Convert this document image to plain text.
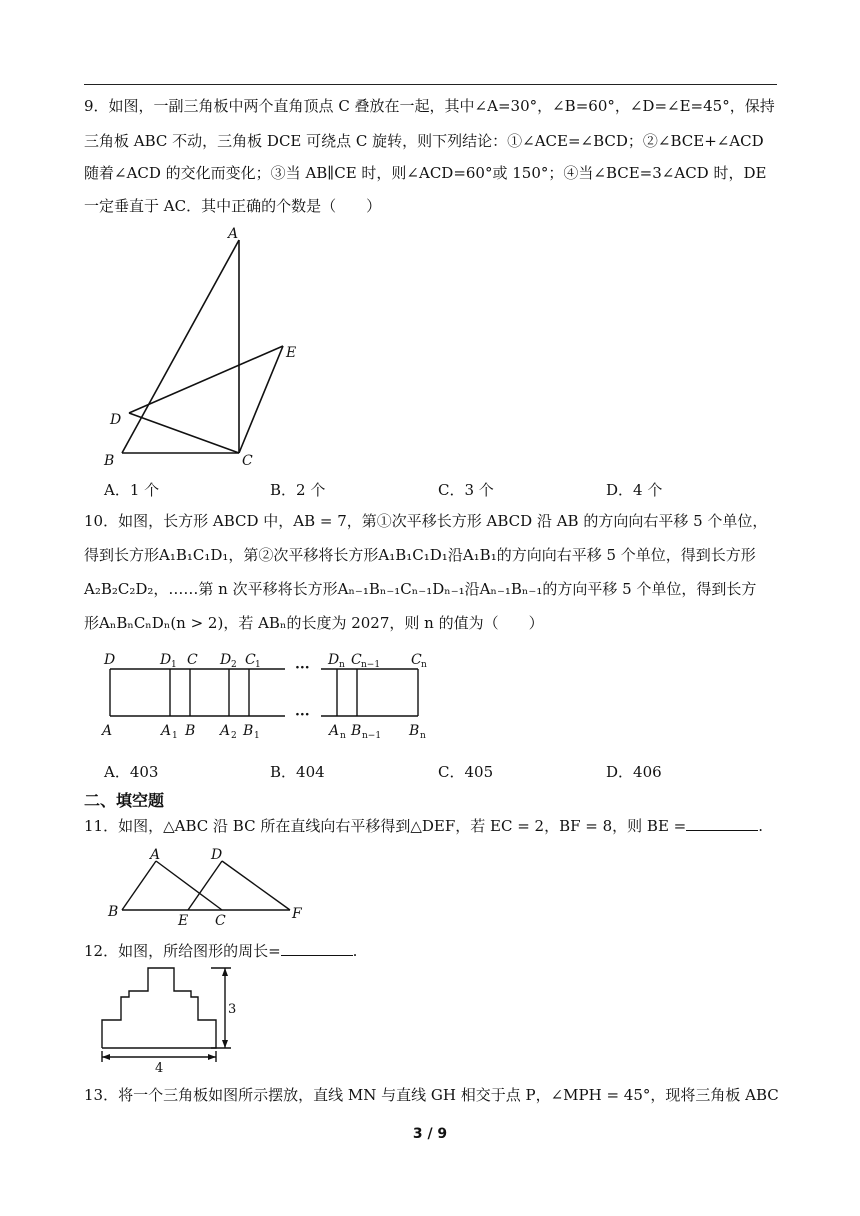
9．如图，一副三角板中两个直角顶点 C 叠放在一起，其中∠A=30°，∠B=60°，∠D=∠E=45°，保持
三角板 ABC 不动，三角板 DCE 可绕点 C 旋转，则下列结论：①∠ACE=∠BCD；②∠BCE+∠ACD
随着∠ACD 的交化而变化；③当 AB∥CE 时，则∠ACD=60°或 150°；④当∠BCE=3∠ACD 时，DE
一定垂直于 AC．其中正确的个数是（　　）
A
B	C
D
E
A．1 个	B．2 个	C．3 个	D．4 个
10．如图，长方形 ABCD 中，AB = 7，第①次平移长方形 ABCD 沿 AB 的方向向右平移 5 个单位，
得到长方形A₁B₁C₁D₁，第②次平移将长方形A₁B₁C₁D₁沿A₁B₁的方向向右平移 5 个单位，得到长方形
A₂B₂C₂D₂，……第 n 次平移将长方形Aₙ₋₁Bₙ₋₁Cₙ₋₁Dₙ₋₁沿Aₙ₋₁Bₙ₋₁的方向平移 5 个单位，得到长方
形AₙBₙCₙDₙ(n > 2)，若 ABₙ的长度为 2027，则 n 的值为（　　）
···
···
D	D 1 C D 2 C 1	D n C n−1 C n
A	A 1 B A 2 B 1	A n B n−1 B n
A．403	B．404	C．405	D．406
二、填空题
11．如图，△ABC 沿 BC 所在直线向右平移得到△DEF，若 EC = 2，BF = 8，则 BE =	.
A
B
C
D
E	F
12．如图，所给图形的周长=	.
3
4
13．将一个三角板如图所示摆放，直线 MN 与直线 GH 相交于点 P，∠MPH = 45°，现将三角板 ABC
3 / 9
